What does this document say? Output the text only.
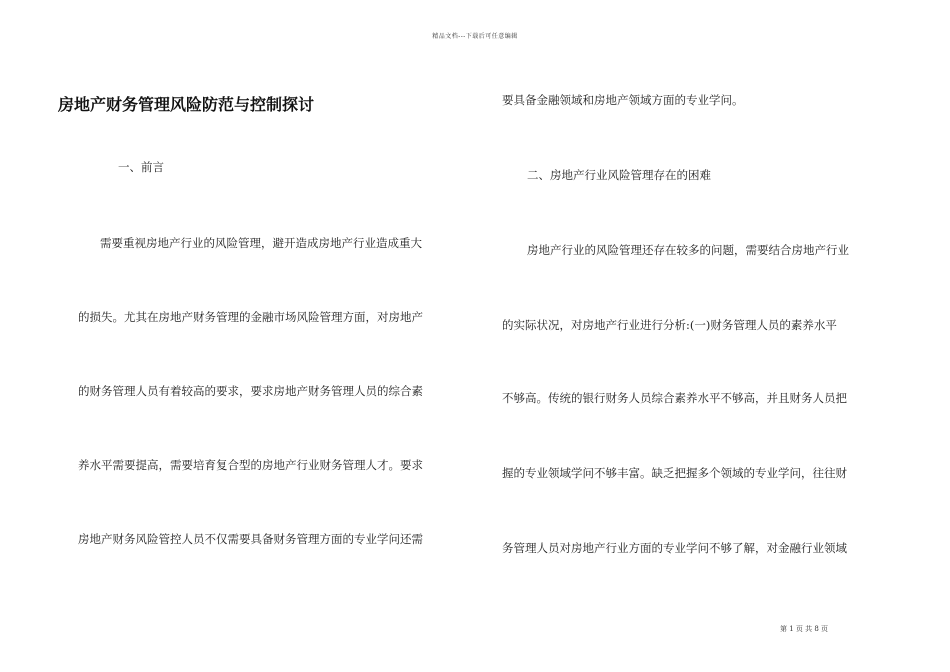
精品文档---下载后可任意编辑
房地产财务管理风险防范与控制探讨
一、前言
需要重视房地产行业的风险管理，避开造成房地产行业造成重大
的损失。尤其在房地产财务管理的金融市场风险管理方面，对房地产
的财务管理人员有着较高的要求，要求房地产财务管理人员的综合素
养水平需要提高，需要培育复合型的房地产行业财务管理人才。要求
房地产财务风险管控人员不仅需要具备财务管理方面的专业学问还需
要具备金融领域和房地产领域方面的专业学问。
二、房地产行业风险管理存在的困难
房地产行业的风险管理还存在较多的问题，需要结合房地产行业
的实际状况，对房地产行业进行分析:(一)财务管理人员的素养水平
不够高。传统的银行财务人员综合素养水平不够高，并且财务人员把
握的专业领域学问不够丰富。缺乏把握多个领域的专业学问，往往财
务管理人员对房地产行业方面的专业学问不够了解，对金融行业领域
第 1 页 共 8 页
